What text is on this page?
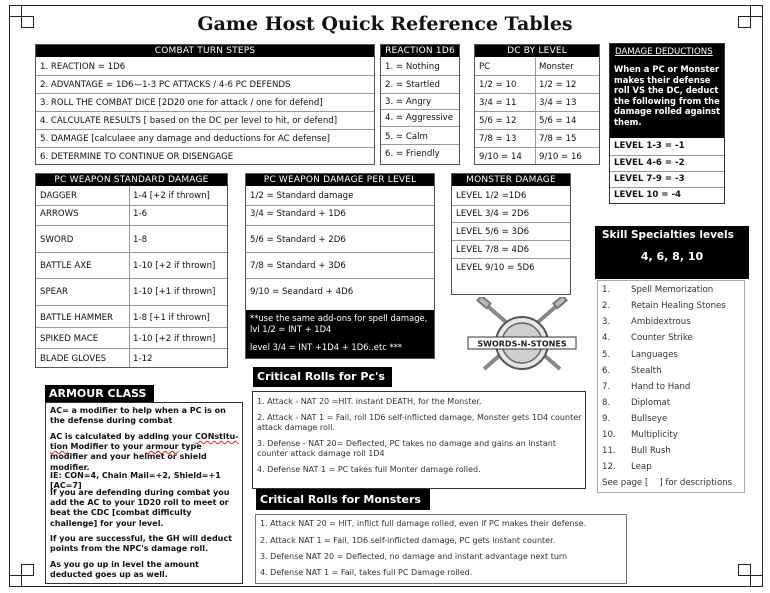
Game Host Quick Reference Tables
COMBAT TURN STEPS
1. REACTION = 1D6
2. ADVANTAGE = 1D6—1-3 PC ATTACKS / 4-6 PC DEFENDS
3. ROLL THE COMBAT DICE [2D20 one for attack / one for defend]
4. CALCULATE RESULTS [ based on the DC per level to hit, or defend]
5. DAMAGE [calculaee any damage and deductions for AC defense]
6. DETERMINE TO CONTINUE OR DISENGAGE
REACTION 1D6
1. = Nothing
2. = Startled
3. = Angry
4. = Aggressive
5. = Calm
6. = Friendly
DC BY LEVEL
PC	Monster
1/2 = 10	1/2 = 12
3/4 = 11	3/4 = 13
5/6 = 12	5/6 = 14
7/8 = 13	7/8 = 15
9/10 = 14 9/10 = 16
DAMAGE DEDUCTIONS
When a PC or Monster makes their defense roll VS the DC, deduct the following from the damage rolled against them.
LEVEL 1-3 = -1
LEVEL 4-6 = -2
LEVEL 7-9 = -3
LEVEL 10 = -4
PC WEAPON STANDARD DAMAGE
DAGGER	1-4 [+2 if thrown]
ARROWS	1-6
SWORD	1-8
BATTLE AXE	1-10 [+2 if thrown]
SPEAR	1-10 [+1 if thrown]
BATTLE HAMMER 1-8 [+1 if thrown]
SPIKED MACE	1-10 [+2 if thrown]
BLADE GLOVES	1-12
PC WEAPON DAMAGE PER LEVEL
1/2 = Standard damage
3/4 = Standard + 1D6
5/6 = Standard + 2D6
7/8 = Standard + 3D6
9/10 = Seandard + 4D6
**use the same add-ons for spell damage, lvl 1/2 = INT + 1D4
level 3/4 = INT +1D4 + 1D6..etc ***
MONSTER DAMAGE
LEVEL 1/2 =1D6
LEVEL 3/4 = 2D6
LEVEL 5/6 = 3D6
LEVEL 7/8 = 4D6
LEVEL 9/10 = 5D6
SWORDS-N-STONES
Skill Specialties levels
4, 6, 8, 10
1. Spell Memorization
2. Retain Healing Stones
3. Ambidextrous
4. Counter Strike
5. Languages
6. Stealth
7. Hand to Hand
8. Diplomat
9. Bullseye
10. Multiplicity
11. Bull Rush
12. Leap
See page [    ] for descriptions
ARMOUR CLASS
AC= a modifier to help when a PC is on the defense during combat
AC is calculated by adding your CONstitu-tion Modifier to your armour type modifier and your helmet or shield modifier.
IE: CON=4, Chain Mail=+2, Shield=+1 [AC=7]
If you are defending during combat you add the AC to your 1D20 roll to meet or beat the CDC [combat difficulty challenge] for your level.
If you are successful, the GH will deduct points from the NPC's damage roll.
As you go up in level the amount deducted goes up as well.
Critical Rolls for Pc's
1. Attack - NAT 20 =HIT. instant DEATH, for the Monster.
2. Attack - NAT 1 = Fail, roll 1D6 self-inflicted damage, Monster gets 1D4 counter attack damage roll.
3. Defense - NAT 20= Deflected, PC takes no damage and gains an instant counter attack damage roll 1D4
4. Defense NAT 1 = PC takes full Monter damage rolled.
Critical Rolls for Monsters
1. Attack NAT 20 = HIT, inflict full damage rolled, even if PC makes their defense.
2. Attack NAT 1 = Fail, 1D6 self-inflicted damage, PC gets instant counter.
3. Defense NAT 20 = Deflected, no damage and instant advantage next turn
4. Defense NAT 1 = Fail, takes full PC Damage rolled.
